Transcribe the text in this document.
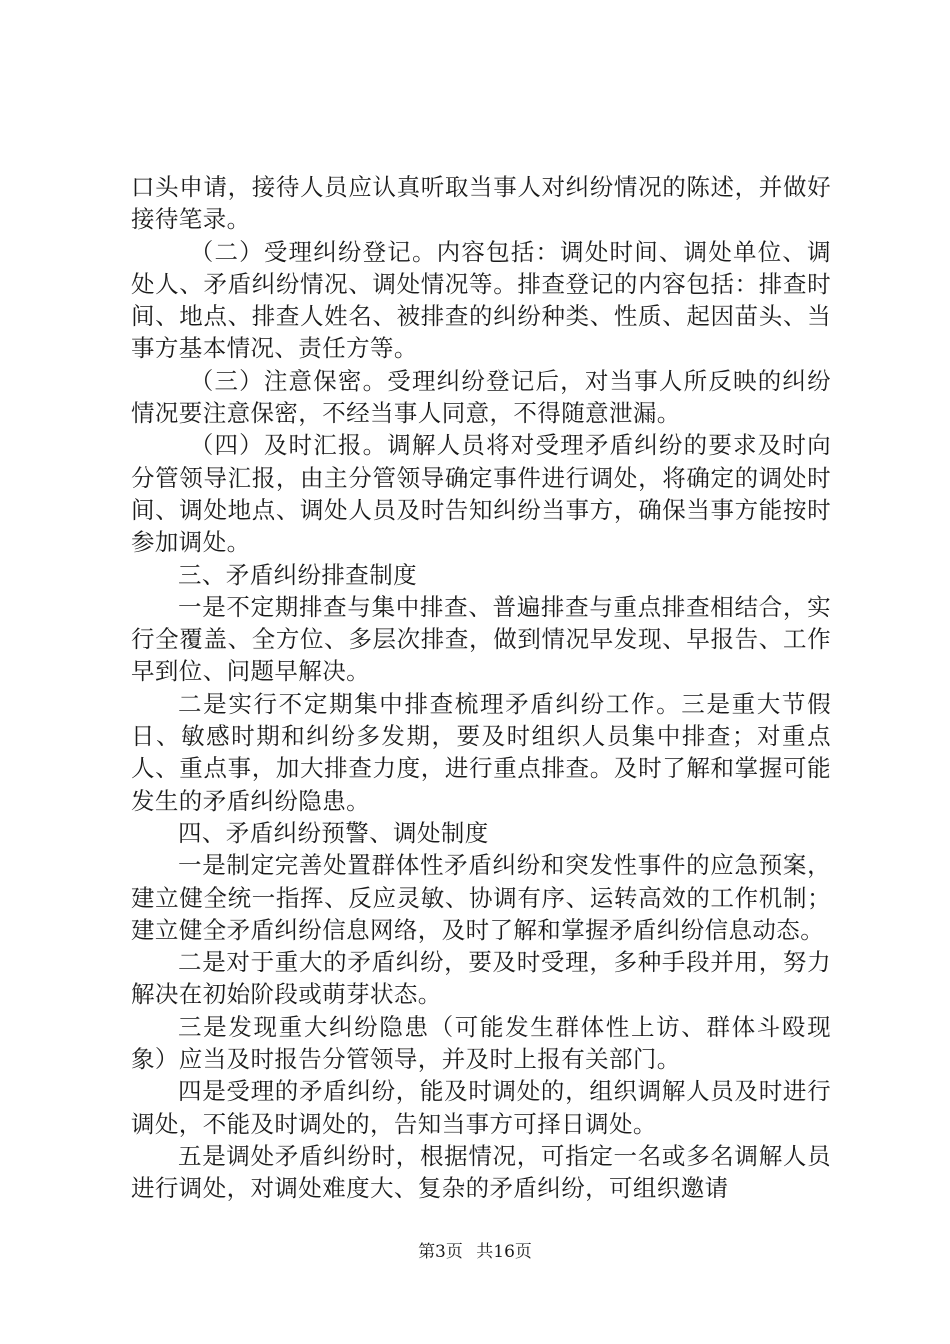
口头申请，接待人员应认真听取当事人对纠纷情况的陈述，并做好接待笔录。

（二）受理纠纷登记。内容包括：调处时间、调处单位、调处人、矛盾纠纷情况、调处情况等。排查登记的内容包括：排查时间、地点、排查人姓名、被排查的纠纷种类、性质、起因苗头、当事方基本情况、责任方等。

（三）注意保密。受理纠纷登记后，对当事人所反映的纠纷情况要注意保密，不经当事人同意，不得随意泄漏。

（四）及时汇报。调解人员将对受理矛盾纠纷的要求及时向分管领导汇报，由主分管领导确定事件进行调处，将确定的调处时间、调处地点、调处人员及时告知纠纷当事方，确保当事方能按时参加调处。

三、矛盾纠纷排查制度

一是不定期排查与集中排查、普遍排查与重点排查相结合，实行全覆盖、全方位、多层次排查，做到情况早发现、早报告、工作早到位、问题早解决。

二是实行不定期集中排查梳理矛盾纠纷工作。三是重大节假日、敏感时期和纠纷多发期，要及时组织人员集中排查；对重点人、重点事，加大排查力度，进行重点排查。及时了解和掌握可能发生的矛盾纠纷隐患。

四、矛盾纠纷预警、调处制度

一是制定完善处置群体性矛盾纠纷和突发性事件的应急预案，建立健全统一指挥、反应灵敏、协调有序、运转高效的工作机制；建立健全矛盾纠纷信息网络，及时了解和掌握矛盾纠纷信息动态。

二是对于重大的矛盾纠纷，要及时受理，多种手段并用，努力解决在初始阶段或萌芽状态。

三是发现重大纠纷隐患（可能发生群体性上访、群体斗殴现象）应当及时报告分管领导，并及时上报有关部门。

四是受理的矛盾纠纷，能及时调处的，组织调解人员及时进行调处，不能及时调处的，告知当事方可择日调处。

五是调处矛盾纠纷时，根据情况，可指定一名或多名调解人员进行调处，对调处难度大、复杂的矛盾纠纷，可组织邀请

第3页 共16页
